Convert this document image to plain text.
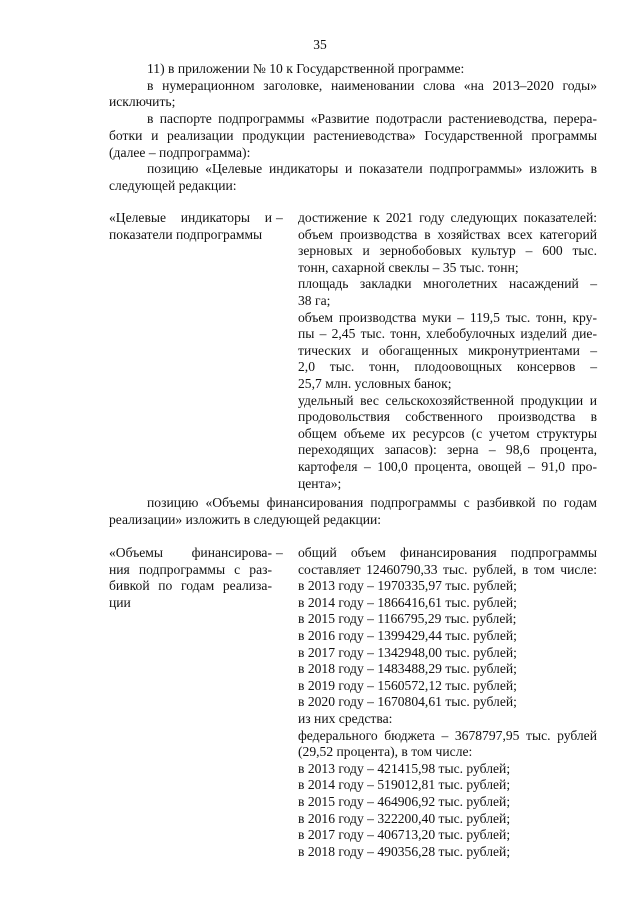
35
11) в приложении № 10 к Государственной программе:
в нумерационном заголовке, наименовании слова «на 2013–2020 годы»
исключить;
в паспорте подпрограммы «Развитие подотрасли растениеводства, перера-
ботки и реализации продукции растениеводства» Государственной программы
(далее – подпрограмма):
позицию «Целевые индикаторы и показатели подпрограммы» изложить в
следующей редакции:
«Целевые индикаторы и
показатели подпрограммы
– достижение к 2021 году следующих показателей:
объем производства в хозяйствах всех категорий
зерновых и зернобобовых культур – 600 тыс.
тонн, сахарной свеклы – 35 тыс. тонн;
площадь закладки многолетних насаждений –
38 га;
объем производства муки – 119,5 тыс. тонн, кру-
пы – 2,45 тыс. тонн, хлебобулочных изделий дие-
тических и обогащенных микронутриентами –
2,0 тыс. тонн, плодоовощных консервов –
25,7 млн. условных банок;
удельный вес сельскохозяйственной продукции и
продовольствия собственного производства в
общем объеме их ресурсов (с учетом структуры
переходящих запасов): зерна – 98,6 процента,
картофеля – 100,0 процента, овощей – 91,0 про-
цента»;
позицию «Объемы финансирования подпрограммы с разбивкой по годам
реализации» изложить в следующей редакции:
«Объемы финансирова-
ния подпрограммы с раз-
бивкой по годам реализа-
ции
– общий объем финансирования подпрограммы
составляет 12460790,33 тыс. рублей, в том числе:
в 2013 году – 1970335,97 тыс. рублей;
в 2014 году – 1866416,61 тыс. рублей;
в 2015 году – 1166795,29 тыс. рублей;
в 2016 году – 1399429,44 тыс. рублей;
в 2017 году – 1342948,00 тыс. рублей;
в 2018 году – 1483488,29 тыс. рублей;
в 2019 году – 1560572,12 тыс. рублей;
в 2020 году – 1670804,61 тыс. рублей;
из них средства:
федерального бюджета – 3678797,95 тыс. рублей
(29,52 процента), в том числе:
в 2013 году – 421415,98 тыс. рублей;
в 2014 году – 519012,81 тыс. рублей;
в 2015 году – 464906,92 тыс. рублей;
в 2016 году – 322200,40 тыс. рублей;
в 2017 году – 406713,20 тыс. рублей;
в 2018 году – 490356,28 тыс. рублей;
